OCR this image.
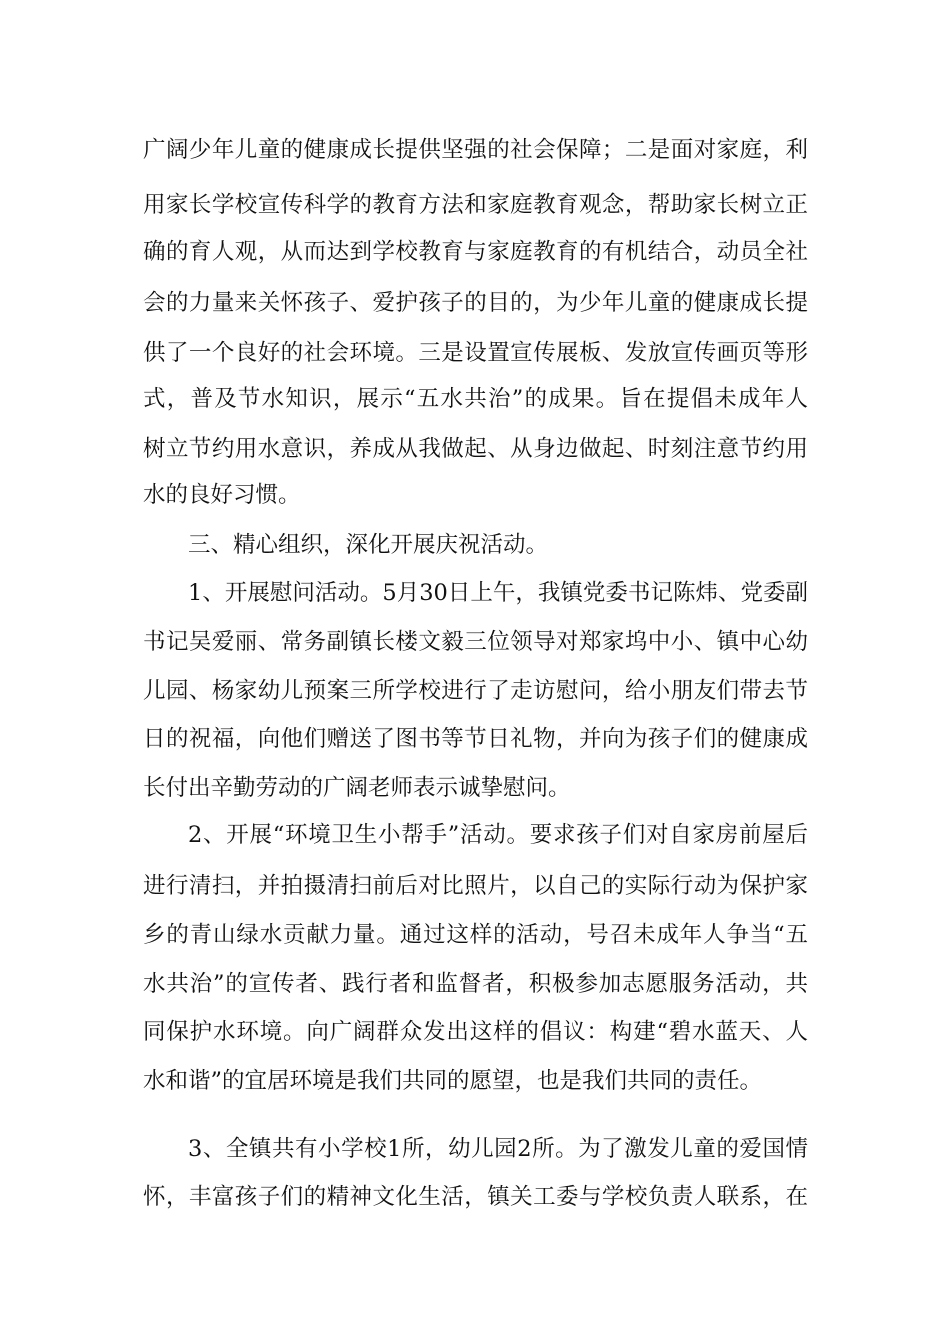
广阔少年儿童的健康成长提供坚强的社会保障；二是面对家庭，利
用家长学校宣传科学的教育方法和家庭教育观念，帮助家长树立正
确的育人观，从而达到学校教育与家庭教育的有机结合，动员全社
会的力量来关怀孩子、爱护孩子的目的，为少年儿童的健康成长提
供了一个良好的社会环境。三是设置宣传展板、发放宣传画页等形
式，普及节水知识，展示“五水共治”的成果。旨在提倡未成年人
树立节约用水意识，养成从我做起、从身边做起、时刻注意节约用
水的良好习惯。
三、精心组织，深化开展庆祝活动。
1、开展慰问活动。5月30日上午，我镇党委书记陈炜、党委副
书记吴爱丽、常务副镇长楼文毅三位领导对郑家坞中小、镇中心幼
儿园、杨家幼儿预案三所学校进行了走访慰问，给小朋友们带去节
日的祝福，向他们赠送了图书等节日礼物，并向为孩子们的健康成
长付出辛勤劳动的广阔老师表示诚挚慰问。
2、开展“环境卫生小帮手”活动。要求孩子们对自家房前屋后
进行清扫，并拍摄清扫前后对比照片，以自己的实际行动为保护家
乡的青山绿水贡献力量。通过这样的活动，号召未成年人争当“五
水共治”的宣传者、践行者和监督者，积极参加志愿服务活动，共
同保护水环境。向广阔群众发出这样的倡议：构建“碧水蓝天、人
水和谐”的宜居环境是我们共同的愿望，也是我们共同的责任。
3、全镇共有小学校1所，幼儿园2所。为了激发儿童的爱国情
怀，丰富孩子们的精神文化生活，镇关工委与学校负责人联系，在
